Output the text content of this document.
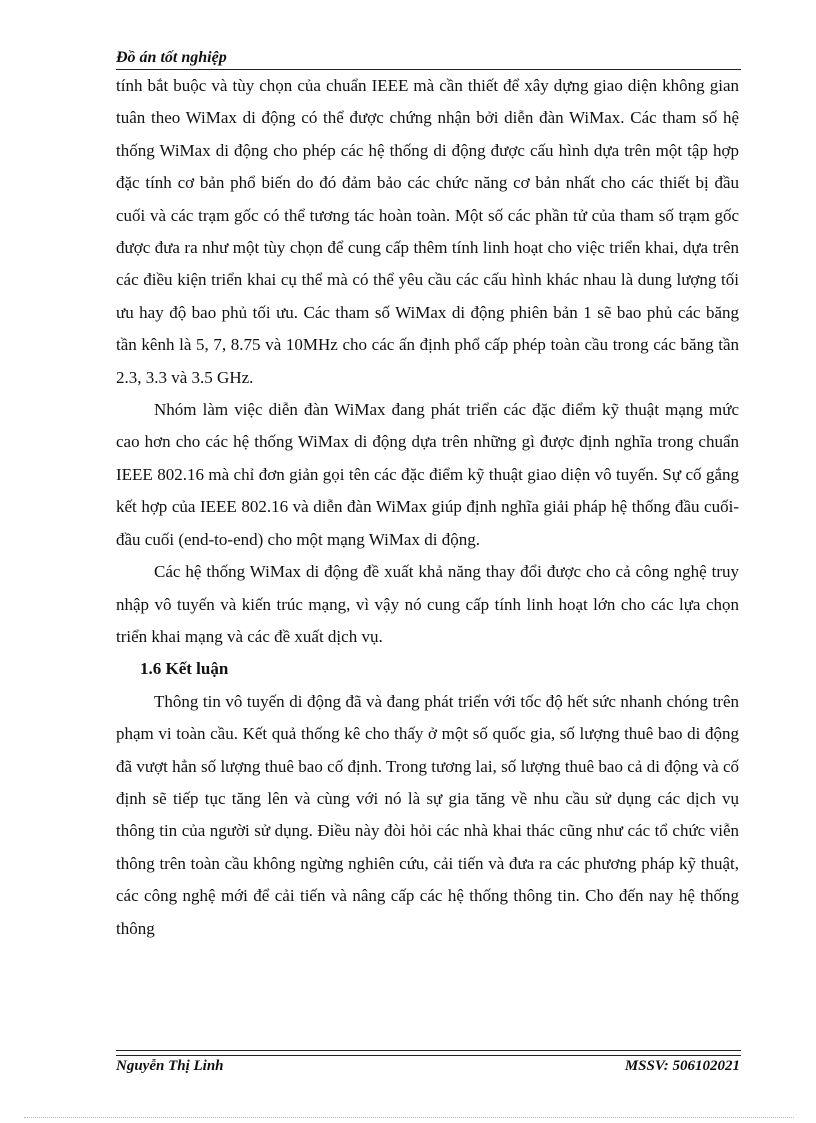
Đồ án tốt nghiệp

tính bắt buộc và tùy chọn của chuẩn IEEE mà cần thiết để xây dựng giao diện không gian tuân theo WiMax di động có thể được chứng nhận bởi diễn đàn WiMax. Các tham số hệ thống WiMax di động cho phép các hệ thống di động được cấu hình dựa trên một tập hợp đặc tính cơ bản phổ biến do đó đảm bảo các chức năng cơ bản nhất cho các thiết bị đầu cuối và các trạm gốc có thể tương tác hoàn toàn. Một số các phần tử của tham số trạm gốc được đưa ra như một tùy chọn để cung cấp thêm tính linh hoạt cho việc triển khai, dựa trên các điều kiện triển khai cụ thể mà có thể yêu cầu các cấu hình khác nhau là dung lượng tối ưu hay độ bao phủ tối ưu. Các tham số WiMax di động phiên bản 1 sẽ bao phủ các băng tần kênh là 5, 7, 8.75 và 10MHz cho các ấn định phổ cấp phép toàn cầu trong các băng tần 2.3, 3.3 và 3.5 GHz.

Nhóm làm việc diễn đàn WiMax đang phát triển các đặc điểm kỹ thuật mạng mức cao hơn cho các hệ thống WiMax di động dựa trên những gì được định nghĩa trong chuẩn IEEE 802.16 mà chỉ đơn giản gọi tên các đặc điểm kỹ thuật giao diện vô tuyến. Sự cố gắng kết hợp của IEEE 802.16 và diễn đàn WiMax giúp định nghĩa giải pháp hệ thống đầu cuối-đầu cuối (end-to-end) cho một mạng WiMax di động.

Các hệ thống WiMax di động đề xuất khả năng thay đổi được cho cả công nghệ truy nhập vô tuyến và kiến trúc mạng, vì vậy nó cung cấp tính linh hoạt lớn cho các lựa chọn triển khai mạng và các đề xuất dịch vụ.

1.6 Kết luận

Thông tin vô tuyến di động đã và đang phát triển với tốc độ hết sức nhanh chóng trên phạm vi toàn cầu. Kết quả thống kê cho thấy ở một số quốc gia, số lượng thuê bao di động đã vượt hẳn số lượng thuê bao cố định. Trong tương lai, số lượng thuê bao cả di động và cố định sẽ tiếp tục tăng lên và cùng với nó là sự gia tăng về nhu cầu sử dụng các dịch vụ thông tin của người sử dụng. Điều này đòi hỏi các nhà khai thác cũng như các tổ chức viễn thông trên toàn cầu không ngừng nghiên cứu, cải tiến và đưa ra các phương pháp kỹ thuật, các công nghệ mới để cải tiến và nâng cấp các hệ thống thông tin. Cho đến nay hệ thống thông

Nguyễn Thị Linh	MSSV: 506102021
